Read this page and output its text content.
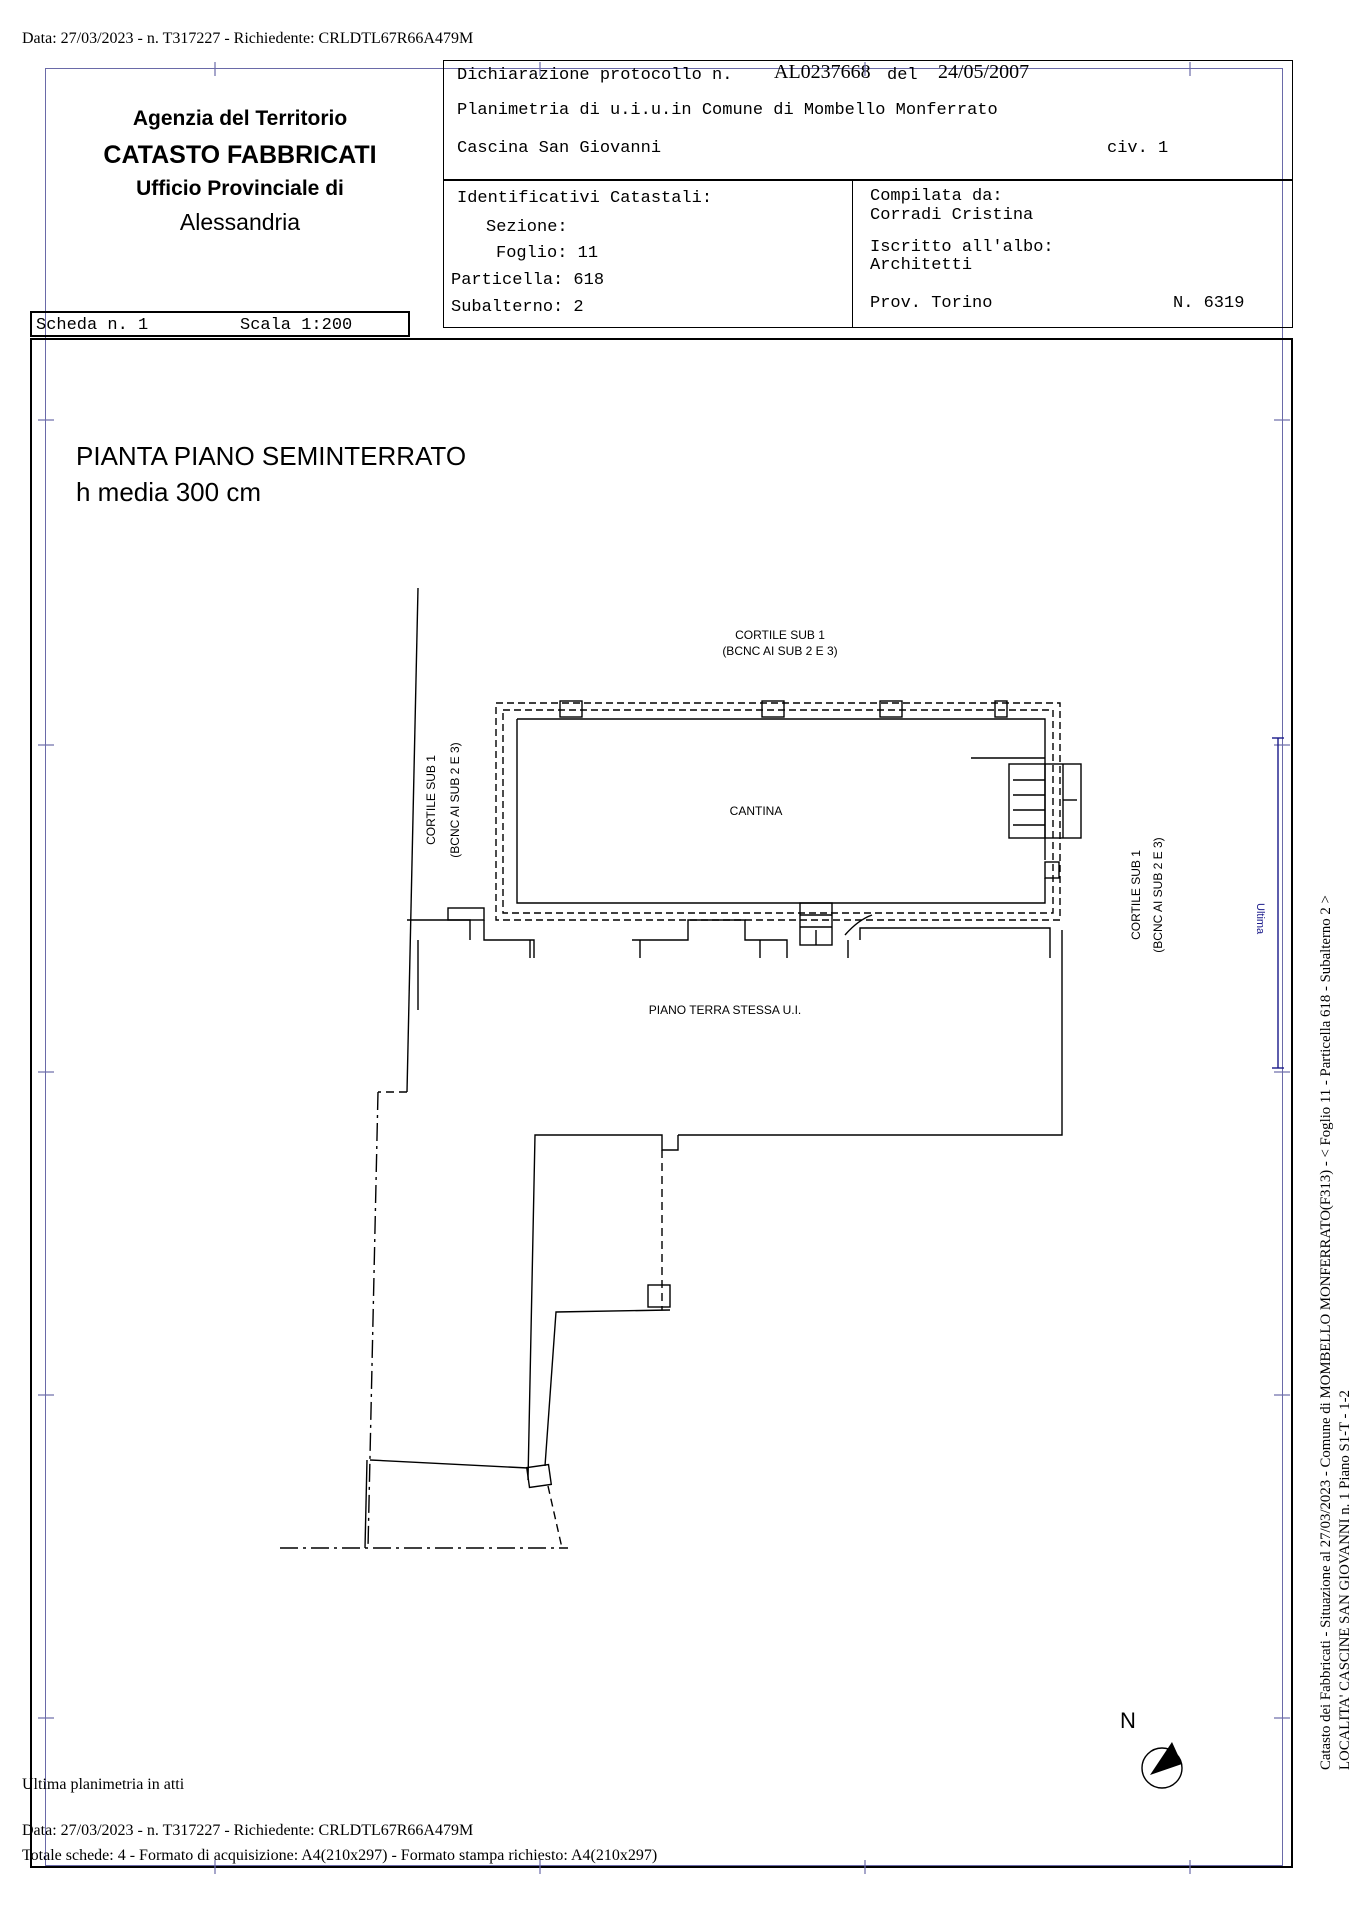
Data: 27/03/2023 - n. T317227 - Richiedente: CRLDTL67R66A479M
Agenzia del Territorio
CATASTO FABBRICATI
Ufficio Provinciale di
Alessandria
Dichiarazione protocollo n. AL0237668 del 24/05/2007
Planimetria di u.i.u.in Comune di Mombello Monferrato
Cascina San Giovanni	civ. 1
Identificativi Catastali:
Sezione:
Foglio: 11
Particella: 618
Subalterno: 2
Compilata da:
Corradi Cristina
Iscritto all'albo:
Architetti
Prov. Torino	N. 6319
Scheda n. 1	Scala 1:200
PIANTA PIANO SEMINTERRATO
h media 300 cm
CORTILE SUB 1
(BCNC AI SUB 2 E 3)
CORTILE SUB 1 (BCNC AI SUB 2 E 3)
CORTILE SUB 1 (BCNC AI SUB 2 E 3)
CANTINA
PIANO TERRA STESSA U.I.
N
Ultima	Catasto dei Fabbricati - Situazione al 27/03/2023 - Comune di MOMBELLO MONFERRATO(F313) - < Foglio 11 - Particella 618 - Subalterno 2 > LOCALITA' CASCINE SAN GIOVANNI n. 1 Piano S1-T - 1-2
Ultima planimetria in atti
Data: 27/03/2023 - n. T317227 - Richiedente: CRLDTL67R66A479M
Totale schede: 4 - Formato di acquisizione: A4(210x297) - Formato stampa richiesto: A4(210x297)
